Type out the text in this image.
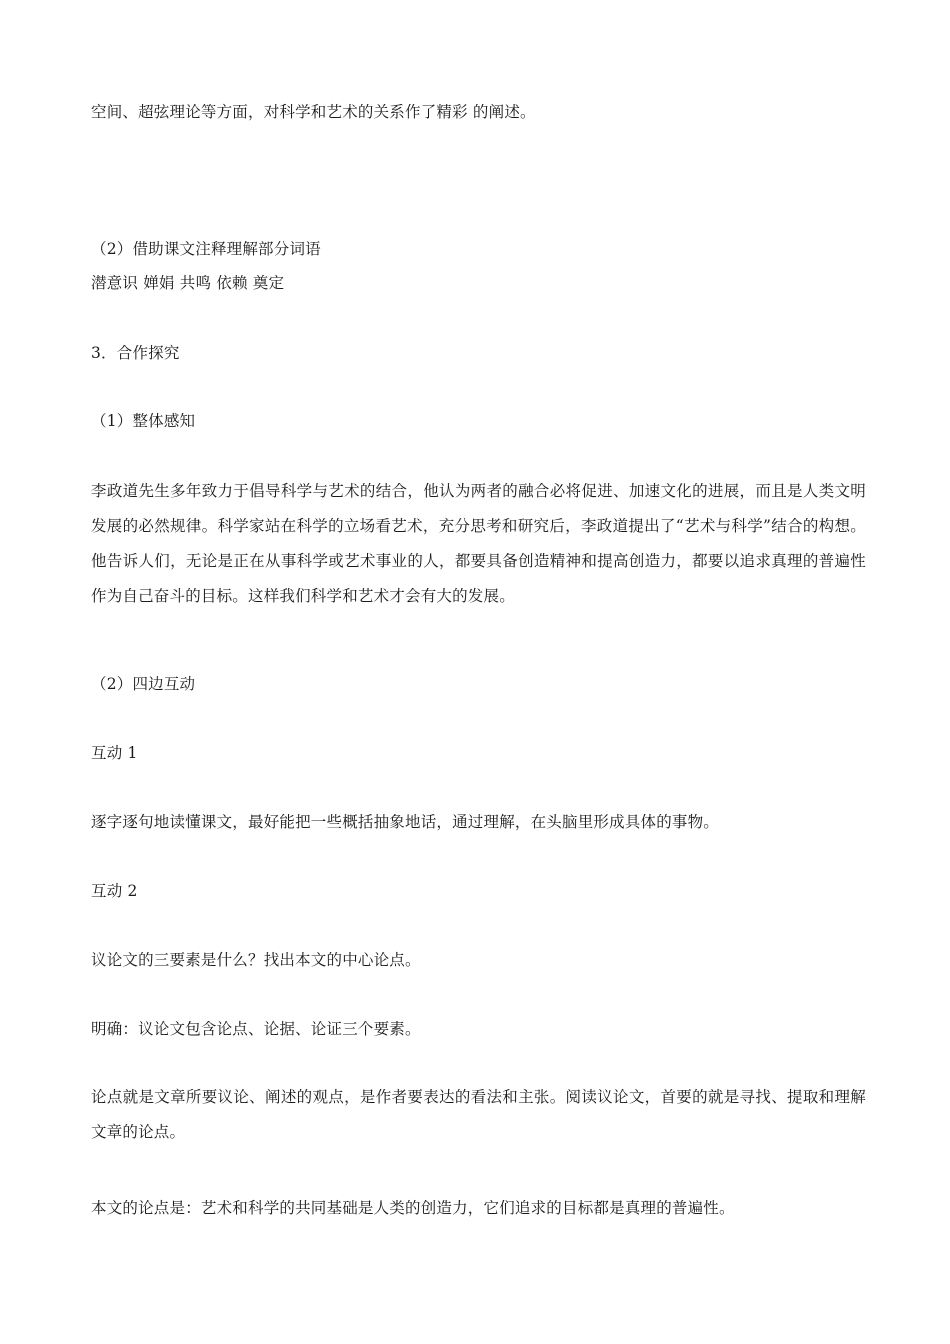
空间、超弦理论等方面，对科学和艺术的关系作了精彩 的阐述。
（2）借助课文注释理解部分词语
潜意识 婵娟 共鸣 依赖 奠定
3．合作探究
（1）整体感知
李政道先生多年致力于倡导科学与艺术的结合，他认为两者的融合必将促进、加速文化的进展，而且是人类文明发展的必然规律。科学家站在科学的立场看艺术，充分思考和研究后，李政道提出了“艺术与科学”结合的构想。他告诉人们，无论是正在从事科学或艺术事业的人，都要具备创造精神和提高创造力，都要以追求真理的普遍性作为自己奋斗的目标。这样我们科学和艺术才会有大的发展。
（2）四边互动
互动 1
逐字逐句地读懂课文，最好能把一些概括抽象地话，通过理解，在头脑里形成具体的事物。
互动 2
议论文的三要素是什么？找出本文的中心论点。
明确：议论文包含论点、论据、论证三个要素。
论点就是文章所要议论、阐述的观点，是作者要表达的看法和主张。阅读议论文，首要的就是寻找、提取和理解文章的论点。
本文的论点是：艺术和科学的共同基础是人类的创造力，它们追求的目标都是真理的普遍性。
